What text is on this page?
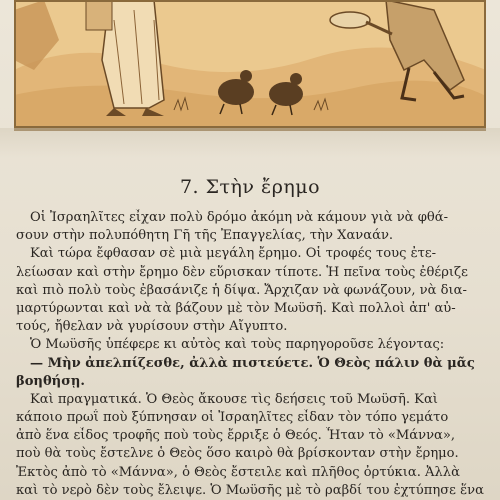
7. Στὴν ἔρημο
Οἱ Ἰσραηλῖτες εἶχαν πολὺ δρόμο ἀκόμη νὰ κάμουν γιὰ νὰ φθά-
σουν στὴν πολυπόθητη Γῆ τῆς Ἐπαγγελίας, τὴν Χαναάν.
Καὶ τώρα ἔφθασαν σὲ μιὰ μεγάλη ἔρημο. Οἱ τροφές τους ἐτε-
λείωσαν καὶ στὴν ἔρημο δὲν εὕρισκαν τίποτε. Ἡ πεῖνα τοὺς ἐθέριζε
καὶ πιὸ πολὺ τοὺς ἐβασάνιζε ἡ δίψα. Ἄρχιζαν νὰ φωνάζουν, νὰ δια-
μαρτύρωνται καὶ νὰ τὰ βάζουν μὲ τὸν Μωϋσῆ. Καὶ πολλοὶ ἀπ' αὐ-
τούς, ἤθελαν νὰ γυρίσουν στὴν Αἴγυπτο.
Ὁ Μωϋσῆς ὑπέφερε κι αὐτὸς καὶ τοὺς παρηγοροῦσε λέγοντας:
— Μὴν ἀπελπίζεσθε, ἀλλὰ πιστεύετε. Ὁ Θεὸς πάλιν θὰ μᾶς
βοηθήσῃ.
Καὶ πραγματικά. Ὁ Θεὸς ἄκουσε τὶς δεήσεις τοῦ Μωϋσῆ. Καὶ
κάποιο πρωΐ ποὺ ξύπνησαν οἱ Ἰσραηλῖτες εἶδαν τὸν τόπο γεμάτο
ἀπὸ ἕνα εἶδος τροφῆς ποὺ τοὺς ἔρριξε ὁ Θεός. Ἦταν τὸ «Μάννα»,
ποὺ θὰ τοὺς ἔστελνε ὁ Θεὸς ὅσο καιρὸ θὰ βρίσκονταν στὴν ἔρημο.
Ἐκτὸς ἀπὸ τὸ «Μάννα», ὁ Θεὸς ἔστειλε καὶ πλῆθος ὀρτύκια. Ἀλλὰ
καὶ τὸ νερὸ δὲν τοὺς ἔλειψε. Ὁ Μωϋσῆς μὲ τὸ ραβδί του ἐχτύπησε ἕνα
